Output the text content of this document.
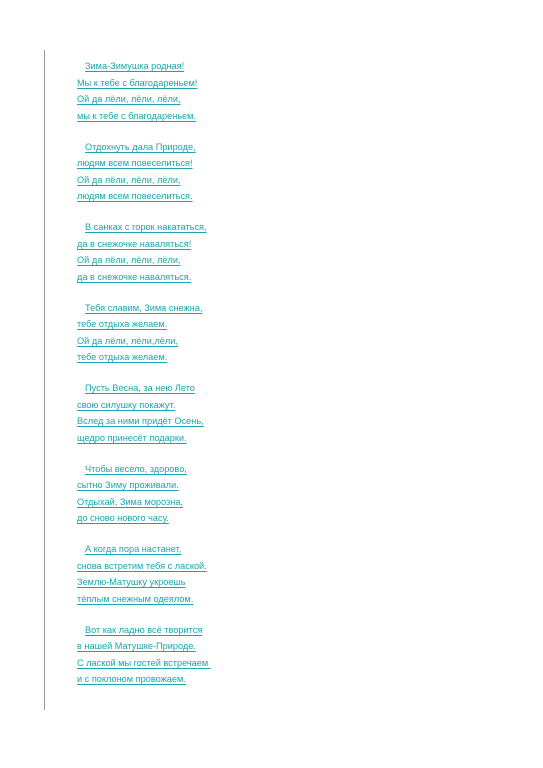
Зима-Зимушка родная!
Мы к тебе с благодареньем!
Ой да лёли, лёли, лёли,
мы к тебе с благодареньем.
Отдохнуть дала Природе,
людям всем повеселиться!
Ой да лёли, лёли, лёли,
людям всем повеселиться.
В санках с горок накататься,
да в снежочке наваляться!
Ой да лёли, лёли, лёли,
да в снежочке наваляться.
Тебя славим, Зима снежна,
тебе отдыха желаем.
Ой да лёли, лёли,лёли,
тебе отдыха желаем.
Пусть Весна, за нею Лето
свою силушку покажут.
Вслед за ними придёт Осень,
щедро принесёт подарки.
Чтобы весело, здорово,
сытно Зиму проживали.
Отдыхай, Зима морозна,
до сново нового часу.
А когда пора настанет,
снова встретим тебя с лаской.
Землю-Матушку укроешь
тёплым снежным одеялом.
Вот как ладно всё творится
в нашей Матушке-Природе.
С лаской мы гостей встречаем
и с поклоном провожаем.
